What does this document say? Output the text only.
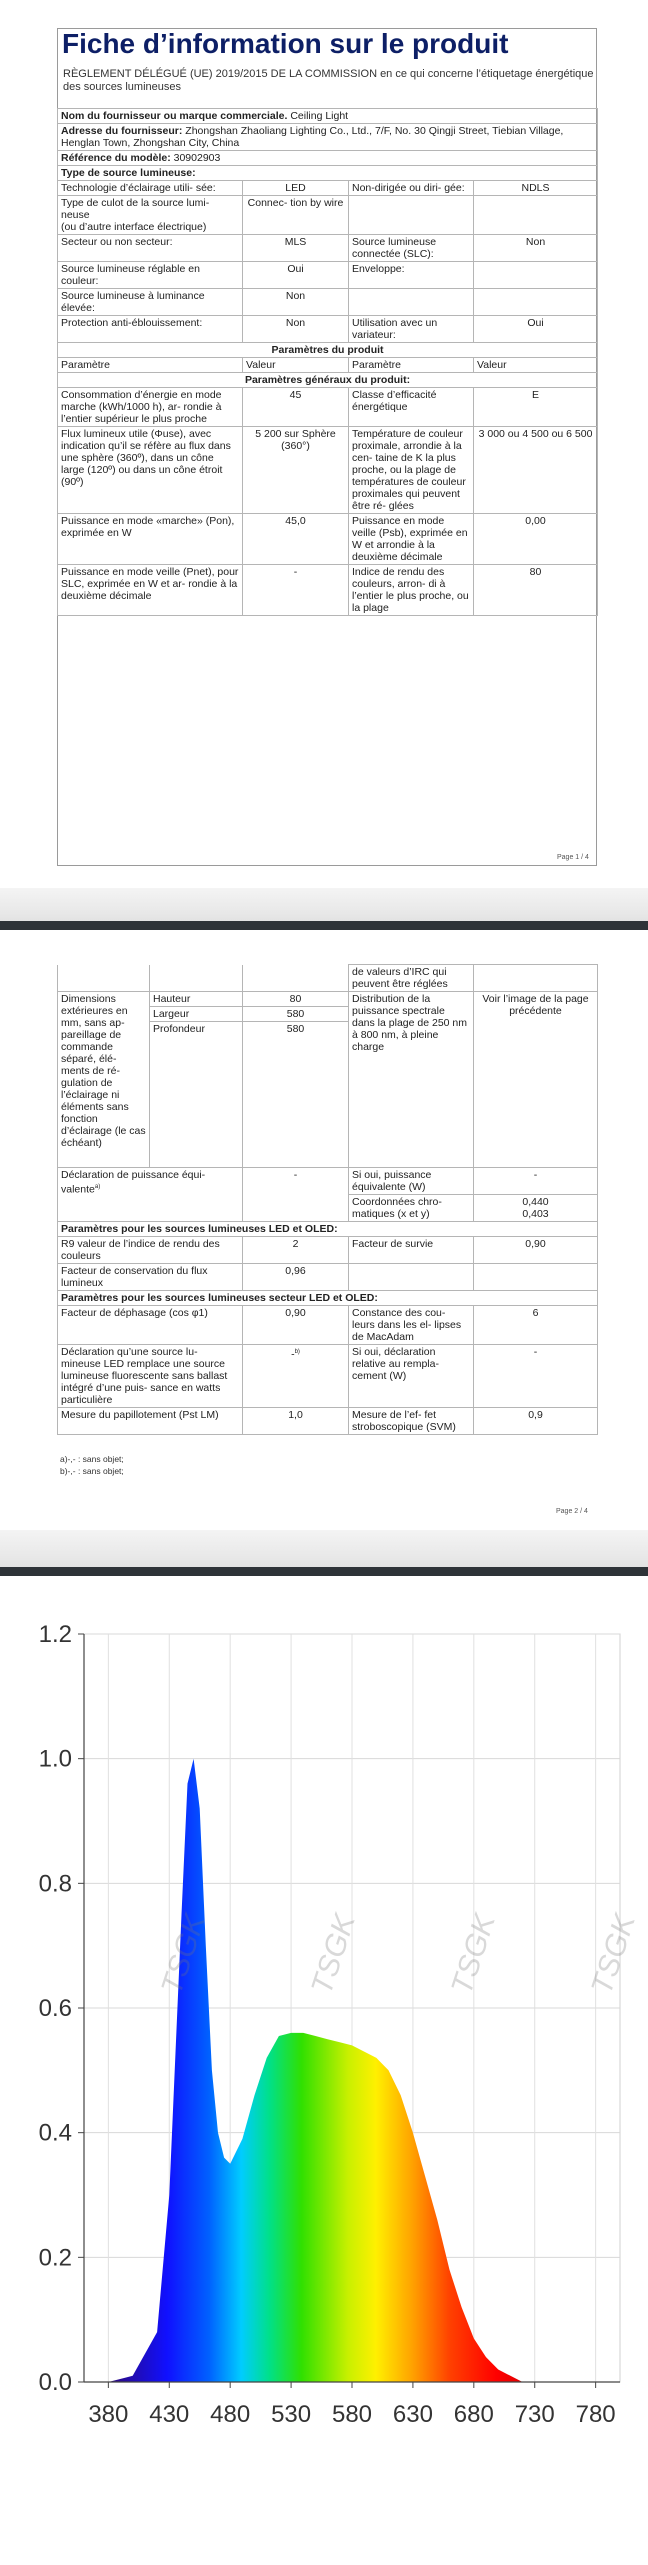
Fiche d’information sur le produit
RÈGLEMENT DÉLÉGUÉ (UE) 2019/2015 DE LA COMMISSION en ce qui concerne l’étiquetage énergétique des sources lumineuses
Nom du fournisseur ou marque commerciale. Ceiling Light			
Adresse du fournisseur: Zhongshan Zhaoliang Lighting Co., Ltd., 7/F, No. 30 Qingji Street, Tiebian Village, Henglan Town, Zhongshan City, China			
Référence du modèle: 30902903			
Type de source lumineuse:			
Technologie d’éclairage utili- sée:	LED	Non-dirigée ou diri- gée:	NDLS
Type de culot de la source lumi- neuse
(ou d’autre interface électrique)	Connec- tion by wire		
Secteur ou non secteur:	MLS	Source lumineuse connectée (SLC):	Non
Source lumineuse réglable en couleur:	Oui	Enveloppe:	
Source lumineuse à luminance élevée:	Non		
Protection anti-éblouissement:	Non	Utilisation avec un variateur:	Oui
Paramètres du produit			
Paramètre	Valeur	Paramètre	Valeur
Paramètres généraux du produit:			
Consommation d’énergie en mode marche (kWh/1000 h), ar- rondie à l’entier supérieur le plus proche	45	Classe d’efficacité énergétique	E
Flux lumineux utile (Φuse), avec indication qu’il se réfère au flux dans une sphère (360º), dans un cône large (120º) ou dans un cône étroit (90º)	5 200 sur Sphère (360°)	Température de couleur proximale, arrondie à la cen- taine de K la plus proche, ou la plage de températures de couleur proximales qui peuvent être ré- glées	3 000 ou 4 500 ou 6 500
Puissance en mode «marche» (Pon), exprimée en W	45,0	Puissance en mode veille (Psb), exprimée en W et arrondie à la deuxième décimale	0,00
Puissance en mode veille (Pnet), pour SLC, exprimée en W et ar- rondie à la deuxième décimale	-	Indice de rendu des couleurs, arron- di à l’entier le plus proche, ou la plage	80
Page 1 / 4
			de valeurs d’IRC qui peuvent être réglées	
Dimensions extérieures en mm, sans ap- pareillage de commande séparé, élé- ments de ré- gulation de l’éclairage ni éléments sans fonction d’éclairage (le cas échéant)	Hauteur	80	Distribution de la puissance spectrale dans la plage de 250 nm à 800 nm, à pleine charge	Voir l’image de la page précédente
	Largeur	580		
	Profondeur	580		
Déclaration de puissance équi- valente$^{a)}$		-	Si oui, puissance équivalente (W)	-
			Coordonnées chro- matiques (x et y)	0,440
0,403

Paramètres pour les sources lumineuses LED et OLED:				
R9 valeur de l’indice de rendu des couleurs		2	Facteur de survie	0,90
Facteur de conservation du flux lumineux		0,96		
Paramètres pour les sources lumineuses secteur LED et OLED:				
Facteur de déphasage (cos φ1)		0,90	Constance des cou- leurs dans les el- lipses de MacAdam	6
Déclaration qu’une source lu- mineuse LED remplace une source lumineuse fluorescente sans ballast intégré d’une puis- sance en watts particulière		-$^{b)}$	Si oui, déclaration relative au rempla- cement (W)	-
Mesure du papillotement (Pst LM)		1,0	Mesure de l’ef- fet stroboscopique (SVM)	0,9
a)-,- : sans objet;
b)-,- : sans objet;
Page 2 / 4
TSGK	TSGK	TSGK	TSGK
0.0
0.2
0.4
0.6
0.8
1.0
1.2
380 430 480 530 580 630 680 730 780
